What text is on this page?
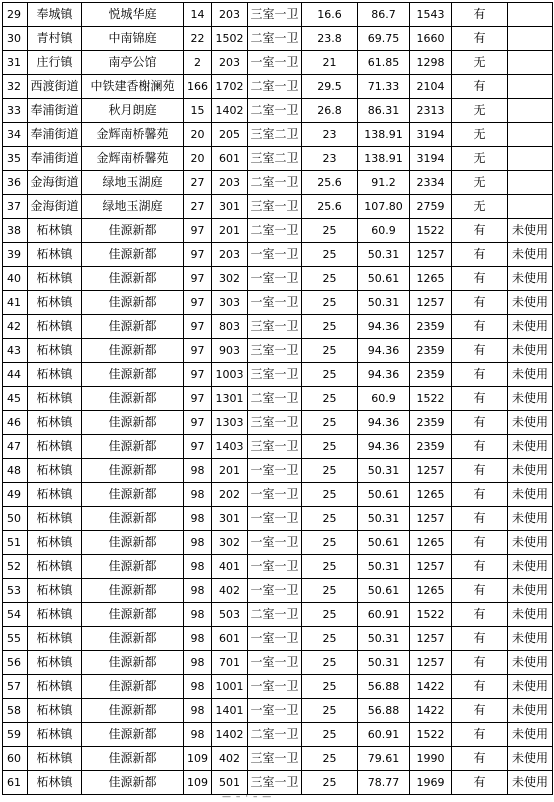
29	奉城镇	悦城华庭	14	203	三室一卫	16.6	86.7	1543	有	
30	青村镇	中南锦庭	22	1502	二室一卫	23.8	69.75	1660	有	
31	庄行镇	南亭公馆	2	203	一室一卫	21	61.85	1298	无	
32	西渡街道	中铁建香榭澜苑	166	1702	二室一卫	29.5	71.33	2104	有	
33	奉浦街道	秋月朗庭	15	1402	二室一卫	26.8	86.31	2313	无	
34	奉浦街道	金辉南桥馨苑	20	205	三室二卫	23	138.91	3194	无	
35	奉浦街道	金辉南桥馨苑	20	601	三室二卫	23	138.91	3194	无	
36	金海街道	绿地玉湖庭	27	203	二室一卫	25.6	91.2	2334	无	
37	金海街道	绿地玉湖庭	27	301	三室一卫	25.6	107.80	2759	无	
38	柘林镇	佳源新都	97	201	二室一卫	25	60.9	1522	有	未使用
39	柘林镇	佳源新都	97	203	一室一卫	25	50.31	1257	有	未使用
40	柘林镇	佳源新都	97	302	一室一卫	25	50.61	1265	有	未使用
41	柘林镇	佳源新都	97	303	一室一卫	25	50.31	1257	有	未使用
42	柘林镇	佳源新都	97	803	三室一卫	25	94.36	2359	有	未使用
43	柘林镇	佳源新都	97	903	三室一卫	25	94.36	2359	有	未使用
44	柘林镇	佳源新都	97	1003	三室一卫	25	94.36	2359	有	未使用
45	柘林镇	佳源新都	97	1301	二室一卫	25	60.9	1522	有	未使用
46	柘林镇	佳源新都	97	1303	三室一卫	25	94.36	2359	有	未使用
47	柘林镇	佳源新都	97	1403	三室一卫	25	94.36	2359	有	未使用
48	柘林镇	佳源新都	98	201	一室一卫	25	50.31	1257	有	未使用
49	柘林镇	佳源新都	98	202	一室一卫	25	50.61	1265	有	未使用
50	柘林镇	佳源新都	98	301	一室一卫	25	50.31	1257	有	未使用
51	柘林镇	佳源新都	98	302	一室一卫	25	50.61	1265	有	未使用
52	柘林镇	佳源新都	98	401	一室一卫	25	50.31	1257	有	未使用
53	柘林镇	佳源新都	98	402	一室一卫	25	50.61	1265	有	未使用
54	柘林镇	佳源新都	98	503	二室一卫	25	60.91	1522	有	未使用
55	柘林镇	佳源新都	98	601	一室一卫	25	50.31	1257	有	未使用
56	柘林镇	佳源新都	98	701	一室一卫	25	50.31	1257	有	未使用
57	柘林镇	佳源新都	98	1001	一室一卫	25	56.88	1422	有	未使用
58	柘林镇	佳源新都	98	1401	一室一卫	25	56.88	1422	有	未使用
59	柘林镇	佳源新都	98	1402	二室一卫	25	60.91	1522	有	未使用
60	柘林镇	佳源新都	109	402	三室一卫	25	79.61	1990	有	未使用
61	柘林镇	佳源新都	109	501	三室一卫	25	78.77	1969	有	未使用
— – · – —
